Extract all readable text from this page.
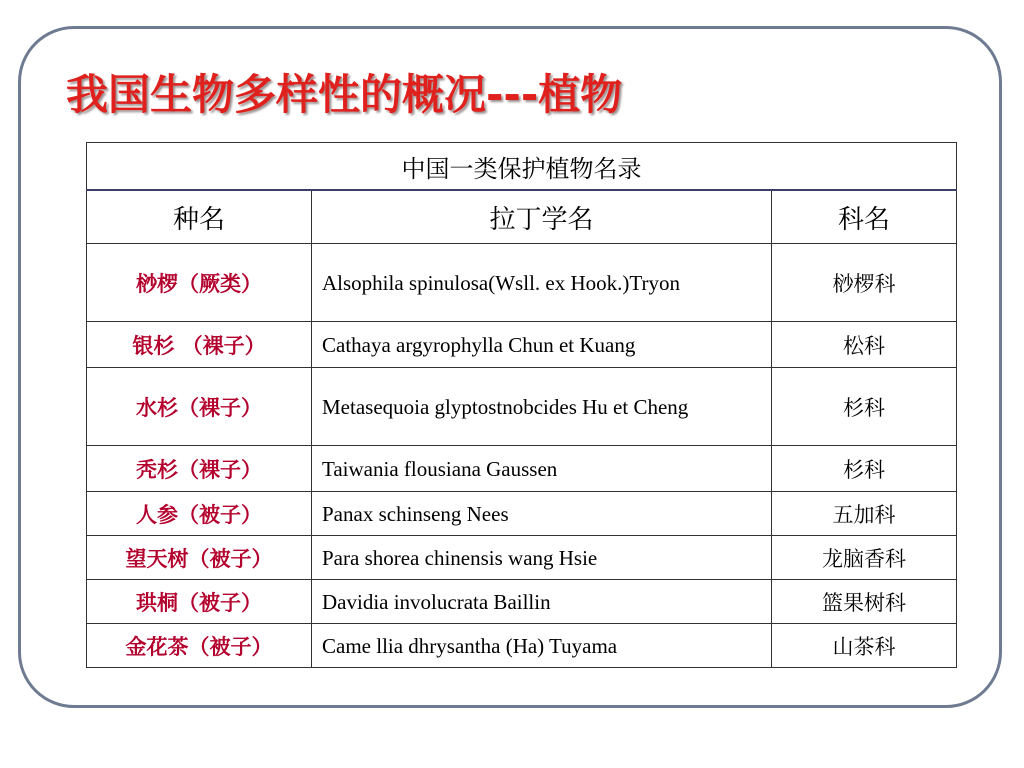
我国生物多样性的概况---植物
中国一类保护植物名录		
种名	拉丁学名	科名
桫椤（厥类）	Alsophila spinulosa(Wsll. ex Hook.)Tryon	桫椤科
银杉 （裸子）	Cathaya argyrophylla Chun et Kuang	松科
水杉（裸子）	Metasequoia glyptostnobcides Hu et Cheng	杉科
秃杉（裸子）	Taiwania flousiana Gaussen	杉科
人参（被子）	Panax schinseng Nees	五加科
望天树（被子）	Para shorea chinensis wang Hsie	龙脑香科
珙桐（被子）	Davidia involucrata Baillin	篮果树科
金花茶（被子）	Came llia dhrysantha (Ha) Tuyama	山茶科
